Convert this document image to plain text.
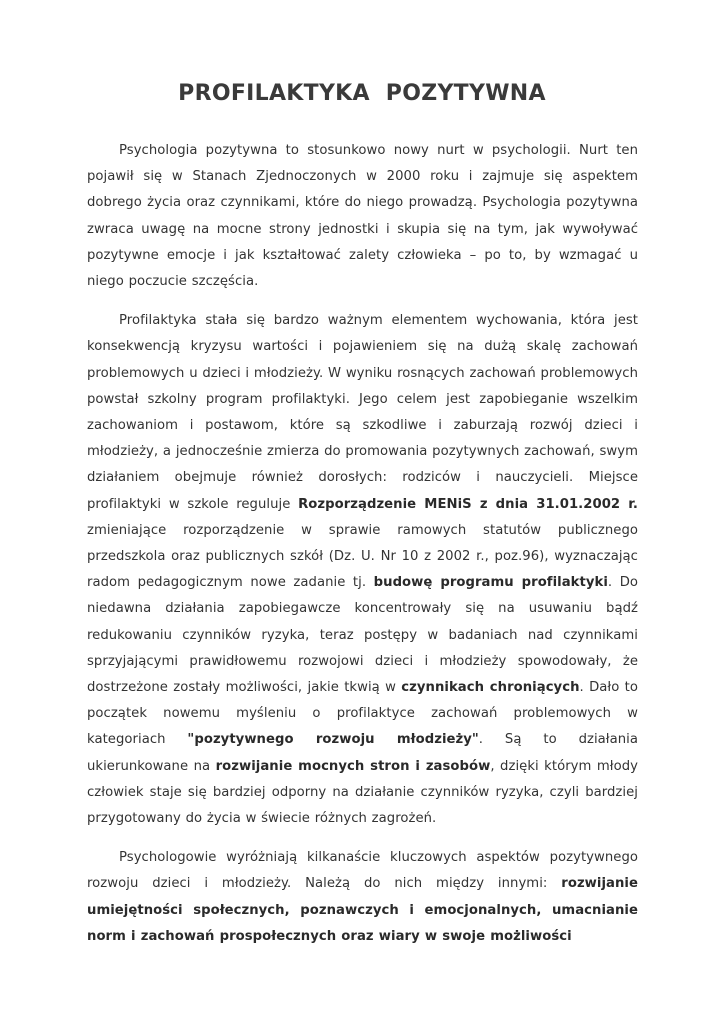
PROFILAKTYKA  POZYTYWNA

Psychologia pozytywna to stosunkowo nowy nurt w psychologii. Nurt ten pojawił się w Stanach Zjednoczonych w 2000 roku i zajmuje się aspektem dobrego życia oraz czynnikami, które do niego prowadzą. Psychologia pozytywna zwraca uwagę na mocne strony jednostki i skupia się na tym, jak wywoływać pozytywne emocje i jak kształtować zalety człowieka – po to, by wzmagać u niego poczucie szczęścia.

Profilaktyka stała się bardzo ważnym elementem wychowania, która jest konsekwencją kryzysu wartości i pojawieniem się na dużą skalę zachowań problemowych u dzieci i młodzieży. W wyniku rosnących zachowań problemowych powstał szkolny program profilaktyki. Jego celem jest zapobieganie wszelkim zachowaniom i postawom, które są szkodliwe i zaburzają rozwój dzieci i młodzieży, a jednocześnie zmierza do promowania pozytywnych zachowań, swym działaniem obejmuje również dorosłych: rodziców i nauczycieli. Miejsce profilaktyki w szkole reguluje Rozporządzenie MENiS z dnia 31.01.2002 r. zmieniające rozporządzenie w sprawie ramowych statutów publicznego przedszkola oraz publicznych szkół (Dz. U. Nr 10 z 2002 r., poz.96), wyznaczając radom pedagogicznym nowe zadanie tj. budowę programu profilaktyki. Do niedawna działania zapobiegawcze koncentrowały się na usuwaniu bądź redukowaniu czynników ryzyka, teraz postępy w badaniach nad czynnikami sprzyjającymi prawidłowemu rozwojowi dzieci i młodzieży spowodowały, że dostrzeżone zostały możliwości, jakie tkwią w czynnikach chroniących. Dało to początek nowemu myśleniu o profilaktyce zachowań problemowych w kategoriach "pozytywnego rozwoju młodzieży". Są to działania ukierunkowane na rozwijanie mocnych stron i zasobów, dzięki którym młody człowiek staje się bardziej odporny na działanie czynników ryzyka, czyli bardziej przygotowany do życia w świecie różnych zagrożeń.

Psychologowie wyróżniają kilkanaście kluczowych aspektów pozytywnego rozwoju dzieci i młodzieży. Należą do nich między innymi: rozwijanie umiejętności społecznych, poznawczych i emocjonalnych, umacnianie norm i zachowań prospołecznych oraz wiary w swoje możliwości
